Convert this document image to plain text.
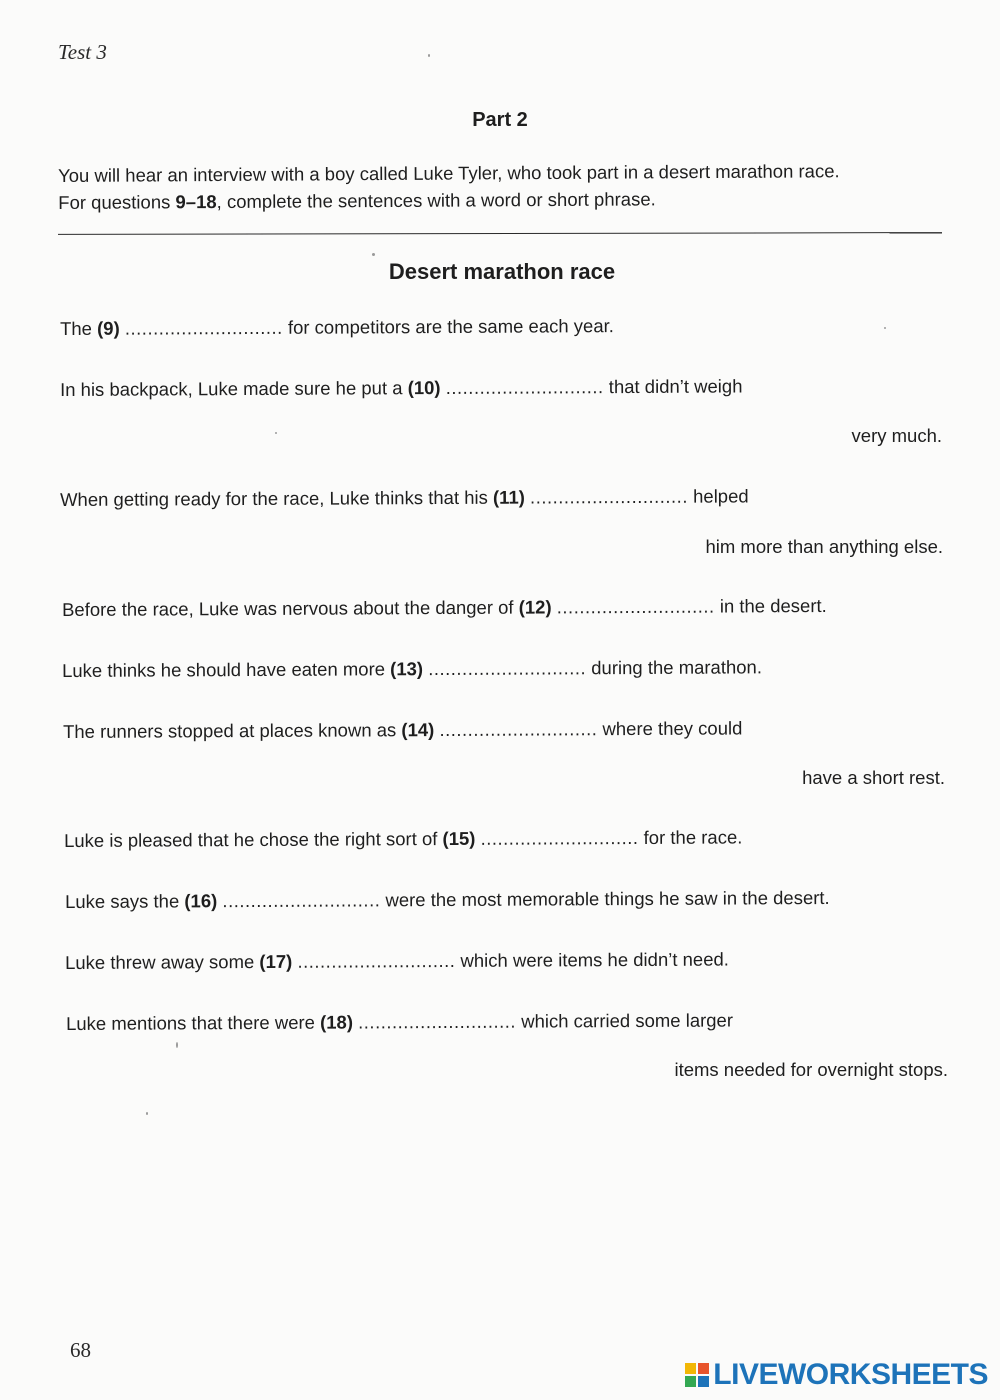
Test 3
Part 2
You will hear an interview with a boy called Luke Tyler, who took part in a desert marathon race.
For questions 9–18, complete the sentences with a word or short phrase.
Desert marathon race
The (9) ............................ for competitors are the same each year.
In his backpack, Luke made sure he put a (10) ............................ that didn’t weigh
very much.
When getting ready for the race, Luke thinks that his (11) ............................ helped
him more than anything else.
Before the race, Luke was nervous about the danger of (12) ............................ in the desert.
Luke thinks he should have eaten more (13) ............................ during the marathon.
The runners stopped at places known as (14) ............................ where they could
have a short rest.
Luke is pleased that he chose the right sort of (15) ............................ for the race.
Luke says the (16) ............................ were the most memorable things he saw in the desert.
Luke threw away some (17) ............................ which were items he didn’t need.
Luke mentions that there were (18) ............................ which carried some larger
items needed for overnight stops.
68
LIVEWORKSHEETS
